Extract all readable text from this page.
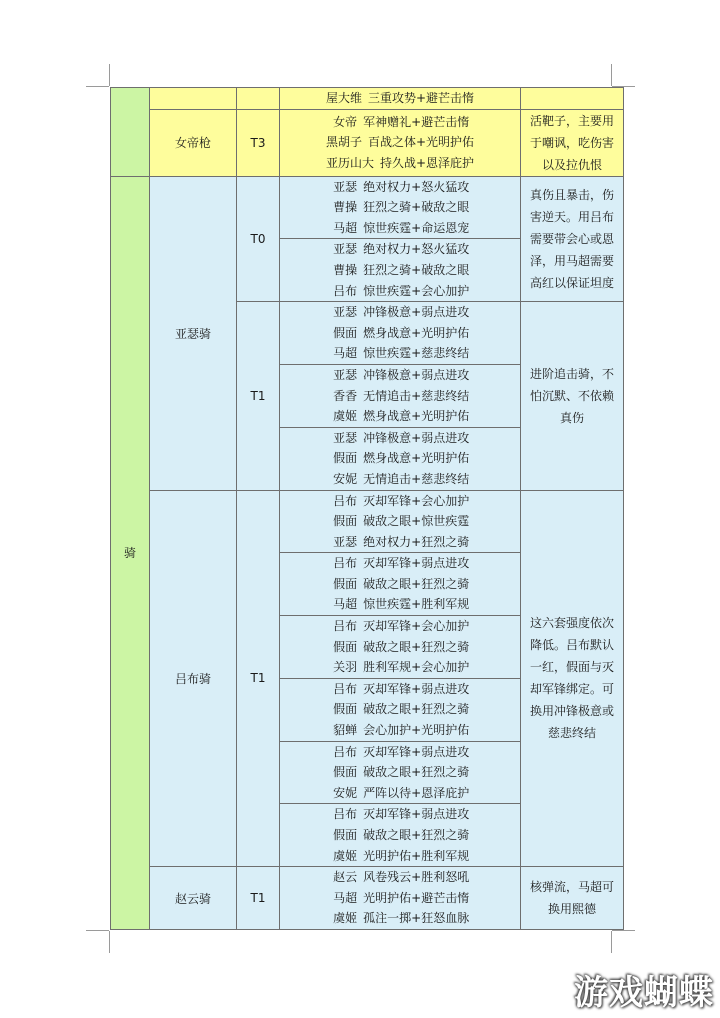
			屋大维 三重攻势+避芒击惰	

	女帝枪	T3	女帝 军神赠礼+避芒击惰
黑胡子 百战之体+光明护佑
亚历山大 持久战+恩泽庇护	活靶子，主要用于嘲讽，吃伤害以及拉仇恨
骑	亚瑟骑	T0	亚瑟 绝对权力+怒火猛攻
曹操 狂烈之骑+破敌之眼
马超 惊世疾霆+命运恩宠	真伤且暴击，伤害逆天。用吕布需要带会心或恩泽，用马超需要高红以保证坦度

			亚瑟 绝对权力+怒火猛攻
曹操 狂烈之骑+破敌之眼
吕布 惊世疾霆+会心加护	

		T1	亚瑟 冲锋极意+弱点进攻
假面 燃身战意+光明护佑
马超 惊世疾霆+慈悲终结	进阶追击骑，不怕沉默、不依赖真伤

			亚瑟 冲锋极意+弱点进攻
香香 无情追击+慈悲终结
虞姬 燃身战意+光明护佑	

			亚瑟 冲锋极意+弱点进攻
假面 燃身战意+光明护佑
安妮 无情追击+慈悲终结	

	吕布骑	T1	吕布 灭却军锋+会心加护
假面 破敌之眼+惊世疾霆
亚瑟 绝对权力+狂烈之骑	这六套强度依次降低。吕布默认一红，假面与灭却军锋绑定。可换用冲锋极意或慈悲终结

			吕布 灭却军锋+弱点进攻
假面 破敌之眼+狂烈之骑
马超 惊世疾霆+胜利军规	

			吕布 灭却军锋+会心加护
假面 破敌之眼+狂烈之骑
关羽 胜利军规+会心加护	

			吕布 灭却军锋+弱点进攻
假面 破敌之眼+狂烈之骑
貂蝉 会心加护+光明护佑	

			吕布 灭却军锋+弱点进攻
假面 破敌之眼+狂烈之骑
安妮 严阵以待+恩泽庇护	

			吕布 灭却军锋+弱点进攻
假面 破敌之眼+狂烈之骑
虞姬 光明护佑+胜利军规	

	赵云骑	T1	赵云 风卷残云+胜利怒吼
马超 光明护佑+避芒击惰
虞姬 孤注一掷+狂怒血脉	核弹流，马超可换用熙德
游戏蝴蝶
